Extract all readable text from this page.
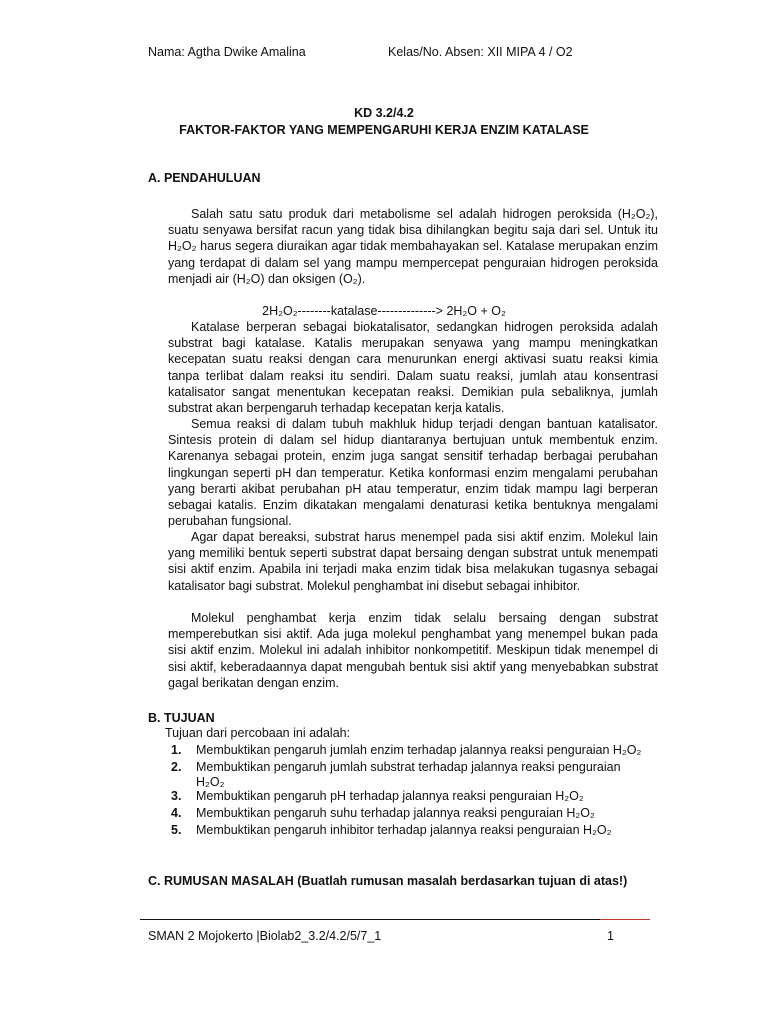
Nama: Agtha Dwike Amalina	Kelas/No. Absen: XII MIPA 4 / O2
KD 3.2/4.2
FAKTOR-FAKTOR YANG MEMPENGARUHI KERJA ENZIM KATALASE
A. PENDAHULUAN

Salah satu satu produk dari metabolisme sel adalah hidrogen peroksida (H₂O₂), suatu senyawa bersifat racun yang tidak bisa dihilangkan begitu saja dari sel. Untuk itu H₂O₂ harus segera diuraikan agar tidak membahayakan sel. Katalase merupakan enzim yang terdapat di dalam sel yang mampu mempercepat penguraian hidrogen peroksida menjadi air (H₂O) dan oksigen (O₂).

2H₂O₂--------katalase--------------> 2H₂O + O₂

Katalase berperan sebagai biokatalisator, sedangkan hidrogen peroksida adalah substrat bagi katalase. Katalis merupakan senyawa yang mampu meningkatkan kecepatan suatu reaksi dengan cara menurunkan energi aktivasi suatu reaksi kimia tanpa terlibat dalam reaksi itu sendiri. Dalam suatu reaksi, jumlah atau konsentrasi katalisator sangat menentukan kecepatan reaksi. Demikian pula sebaliknya, jumlah substrat akan berpengaruh terhadap kecepatan kerja katalis.

Semua reaksi di dalam tubuh makhluk hidup terjadi dengan bantuan katalisator. Sintesis protein di dalam sel hidup diantaranya bertujuan untuk membentuk enzim. Karenanya sebagai protein, enzim juga sangat sensitif terhadap berbagai perubahan lingkungan seperti pH dan temperatur. Ketika konformasi enzim mengalami perubahan yang berarti akibat perubahan pH atau temperatur, enzim tidak mampu lagi berperan sebagai katalis. Enzim dikatakan mengalami denaturasi ketika bentuknya mengalami perubahan fungsional.

Agar dapat bereaksi, substrat harus menempel pada sisi aktif enzim. Molekul lain yang memiliki bentuk seperti substrat dapat bersaing dengan substrat untuk menempati sisi aktif enzim. Apabila ini terjadi maka enzim tidak bisa melakukan tugasnya sebagai katalisator bagi substrat. Molekul penghambat ini disebut sebagai inhibitor.

Molekul penghambat kerja enzim tidak selalu bersaing dengan substrat memperebutkan sisi aktif. Ada juga molekul penghambat yang menempel bukan pada sisi aktif enzim. Molekul ini adalah inhibitor nonkompetitif. Meskipun tidak menempel di sisi aktif, keberadaannya dapat mengubah bentuk sisi aktif yang menyebabkan substrat gagal berikatan dengan enzim.

B. TUJUAN
Tujuan dari percobaan ini adalah:
1. Membuktikan pengaruh jumlah enzim terhadap jalannya reaksi penguraian H₂O₂
2. Membuktikan pengaruh jumlah substrat terhadap jalannya reaksi penguraian
H₂O₂
3. Membuktikan pengaruh pH terhadap jalannya reaksi penguraian H₂O₂
4. Membuktikan pengaruh suhu terhadap jalannya reaksi penguraian H₂O₂
5. Membuktikan pengaruh inhibitor terhadap jalannya reaksi penguraian H₂O₂
C. RUMUSAN MASALAH (Buatlah rumusan masalah berdasarkan tujuan di atas!)
SMAN 2 Mojokerto |Biolab2_3.2/4.2/5/7_1	1
